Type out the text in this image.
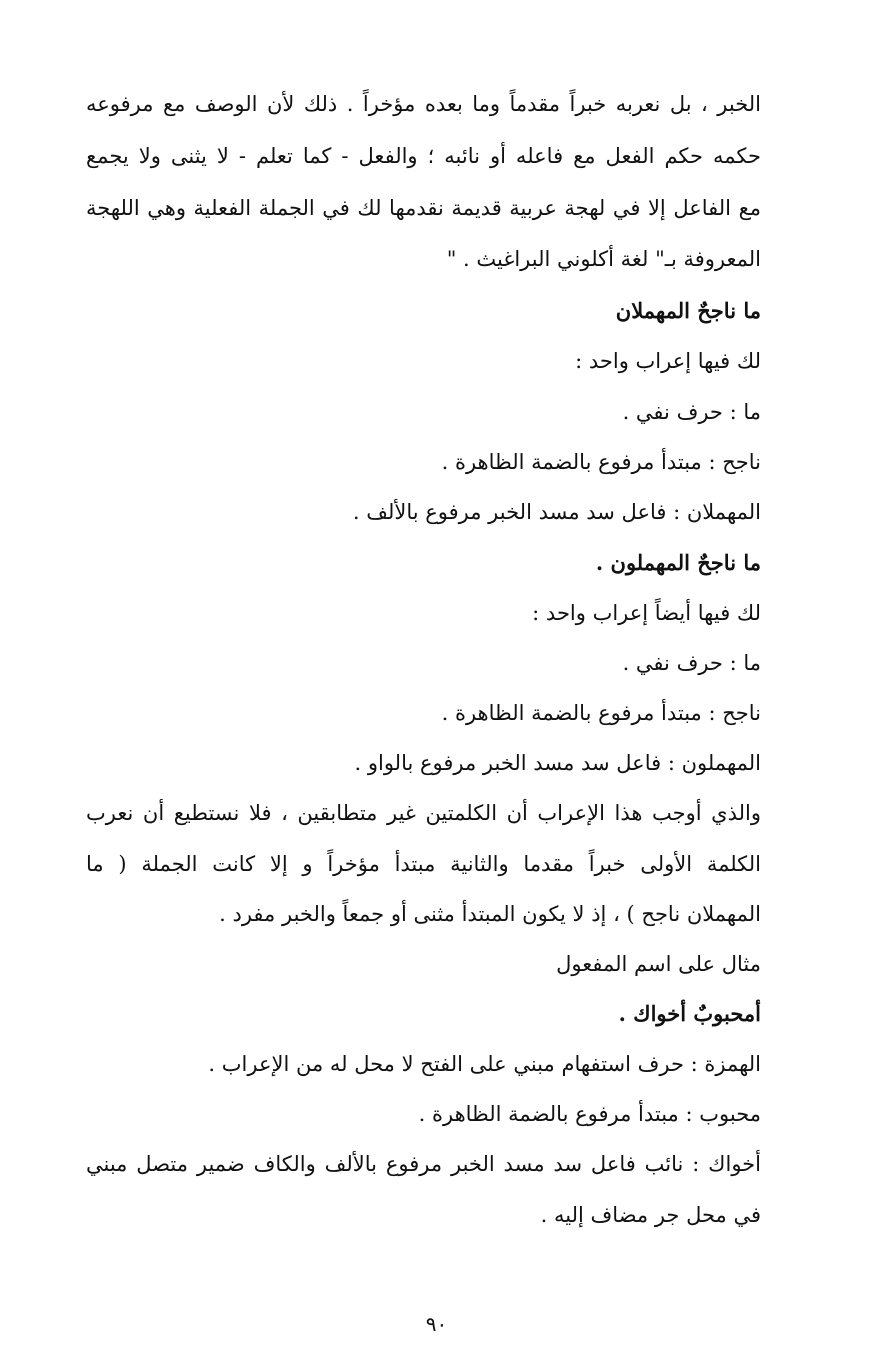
الخبر ، بل نعربه خبراً مقدماً وما بعده مؤخراً . ذلك لأن الوصف مع مرفوعه
حكمه حكم الفعل مع فاعله أو نائبه ؛ والفعل - كما تعلم - لا يثنى ولا يجمع
مع الفاعل إلا في لهجة عربية قديمة نقدمها لك في الجملة الفعلية وهي اللهجة
المعروفة بـ" لغة أكلوني البراغيث . "
ما ناجحٌ المهملان
لك فيها إعراب واحد :
ما : حرف نفي .
ناجح : مبتدأ مرفوع بالضمة الظاهرة .
المهملان : فاعل سد مسد الخبر مرفوع بالألف .
ما ناجحٌ المهملون .
لك فيها أيضاً إعراب واحد :
ما : حرف نفي .
ناجح : مبتدأ مرفوع بالضمة الظاهرة .
المهملون : فاعل سد مسد الخبر مرفوع بالواو .
والذي أوجب هذا الإعراب أن الكلمتين غير متطابقين ، فلا نستطيع أن نعرب
الكلمة الأولى خبراً مقدما والثانية مبتدأ مؤخراً و إلا كانت الجملة ( ما
المهملان ناجح ) ، إذ لا يكون المبتدأ مثنى أو جمعاً والخبر مفرد .
مثال على اسم المفعول
أمحبوبٌ أخواك .
الهمزة : حرف استفهام مبني على الفتح لا محل له من الإعراب .
محبوب : مبتدأ مرفوع بالضمة الظاهرة .
أخواك : نائب فاعل سد مسد الخبر مرفوع بالألف والكاف ضمير متصل مبني
في محل جر مضاف إليه .
٩٠
